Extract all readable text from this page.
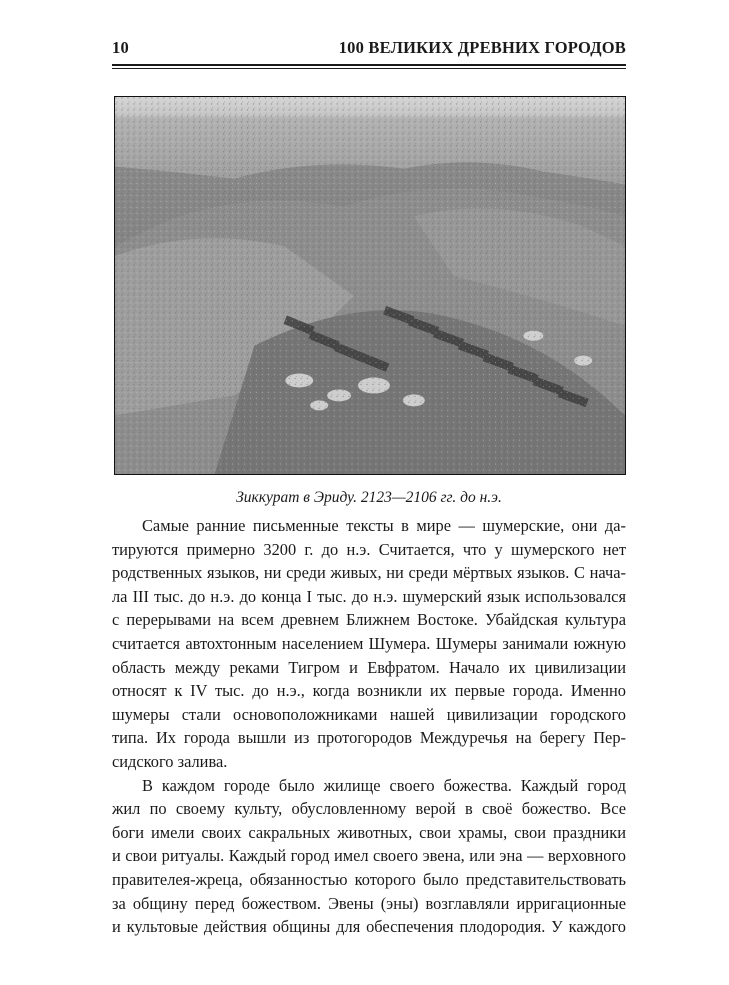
10	100 ВЕЛИКИХ ДРЕВНИХ ГОРОДОВ
Зиккурат в Эриду. 2123—2106 гг. до н.э.
Самые ранние письменные тексты в мире — шумерские, они да-
тируются примерно 3200 г. до н.э. Считается, что у шумерского нет
родственных языков, ни среди живых, ни среди мёртвых языков. С нача-
ла III тыс. до н.э. до конца I тыс. до н.э. шумерский язык использовался
с перерывами на всем древнем Ближнем Востоке. Убайдская культура
считается автохтонным населением Шумера. Шумеры занимали южную
область между реками Тигром и Евфратом. Начало их цивилизации
относят к IV тыс. до н.э., когда возникли их первые города. Именно
шумеры стали основоположниками нашей цивилизации городского
типа. Их города вышли из протогородов Междуречья на берегу Пер-
сидского залива.
В каждом городе было жилище своего божества. Каждый город
жил по своему культу, обусловленному верой в своё божество. Все
боги имели своих сакральных животных, свои храмы, свои праздники
и свои ритуалы. Каждый город имел своего эвена, или эна — верховного
правителея-жреца, обязанностью которого было представительствовать
за общину перед божеством. Эвены (эны) возглавляли ирригационные
и культовые действия общины для обеспечения плодородия. У каждого
